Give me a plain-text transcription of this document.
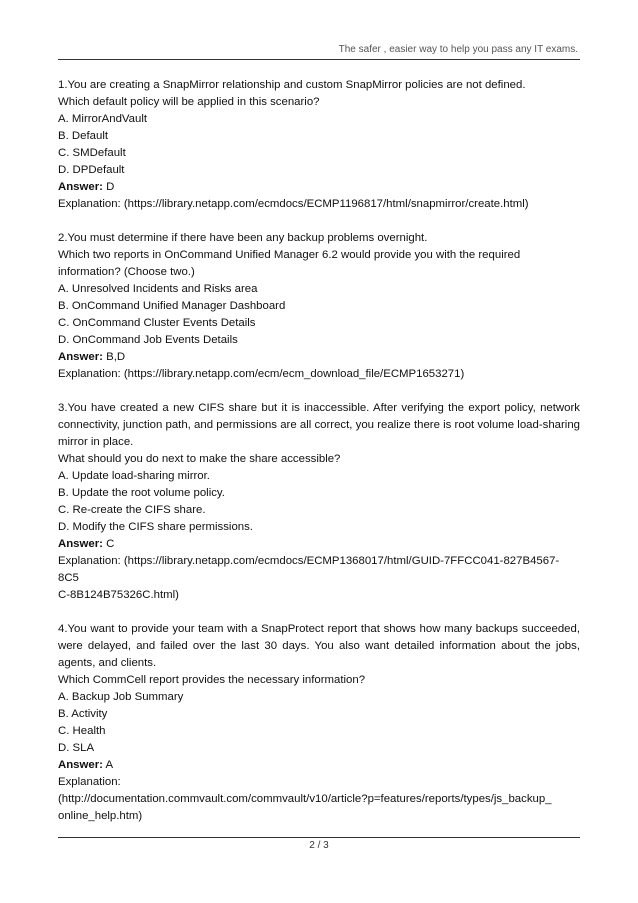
The safer , easier way to help you pass any IT exams.
1.You are creating a SnapMirror relationship and custom SnapMirror policies are not defined.
Which default policy will be applied in this scenario?
A. MirrorAndVault
B. Default
C. SMDefault
D. DPDefault
Answer: D
Explanation: (https://library.netapp.com/ecmdocs/ECMP1196817/html/snapmirror/create.html)
2.You must determine if there have been any backup problems overnight.
Which two reports in OnCommand Unified Manager 6.2 would provide you with the required information? (Choose two.)
A. Unresolved Incidents and Risks area
B. OnCommand Unified Manager Dashboard
C. OnCommand Cluster Events Details
D. OnCommand Job Events Details
Answer: B,D
Explanation: (https://library.netapp.com/ecm/ecm_download_file/ECMP1653271)
3.You have created a new CIFS share but it is inaccessible. After verifying the export policy, network connectivity, junction path, and permissions are all correct, you realize there is root volume load-sharing mirror in place.
What should you do next to make the share accessible?
A. Update load-sharing mirror.
B. Update the root volume policy.
C. Re-create the CIFS share.
D. Modify the CIFS share permissions.
Answer: C
Explanation: (https://library.netapp.com/ecmdocs/ECMP1368017/html/GUID-7FFCC041-827B4567-8C5
C-8B124B75326C.html)
4.You want to provide your team with a SnapProtect report that shows how many backups succeeded, were delayed, and failed over the last 30 days. You also want detailed information about the jobs, agents, and clients.
Which CommCell report provides the necessary information?
A. Backup Job Summary
B. Activity
C. Health
D. SLA
Answer: A
Explanation:
(http://documentation.commvault.com/commvault/v10/article?p=features/reports/types/js_backup_
online_help.htm)
2 / 3
